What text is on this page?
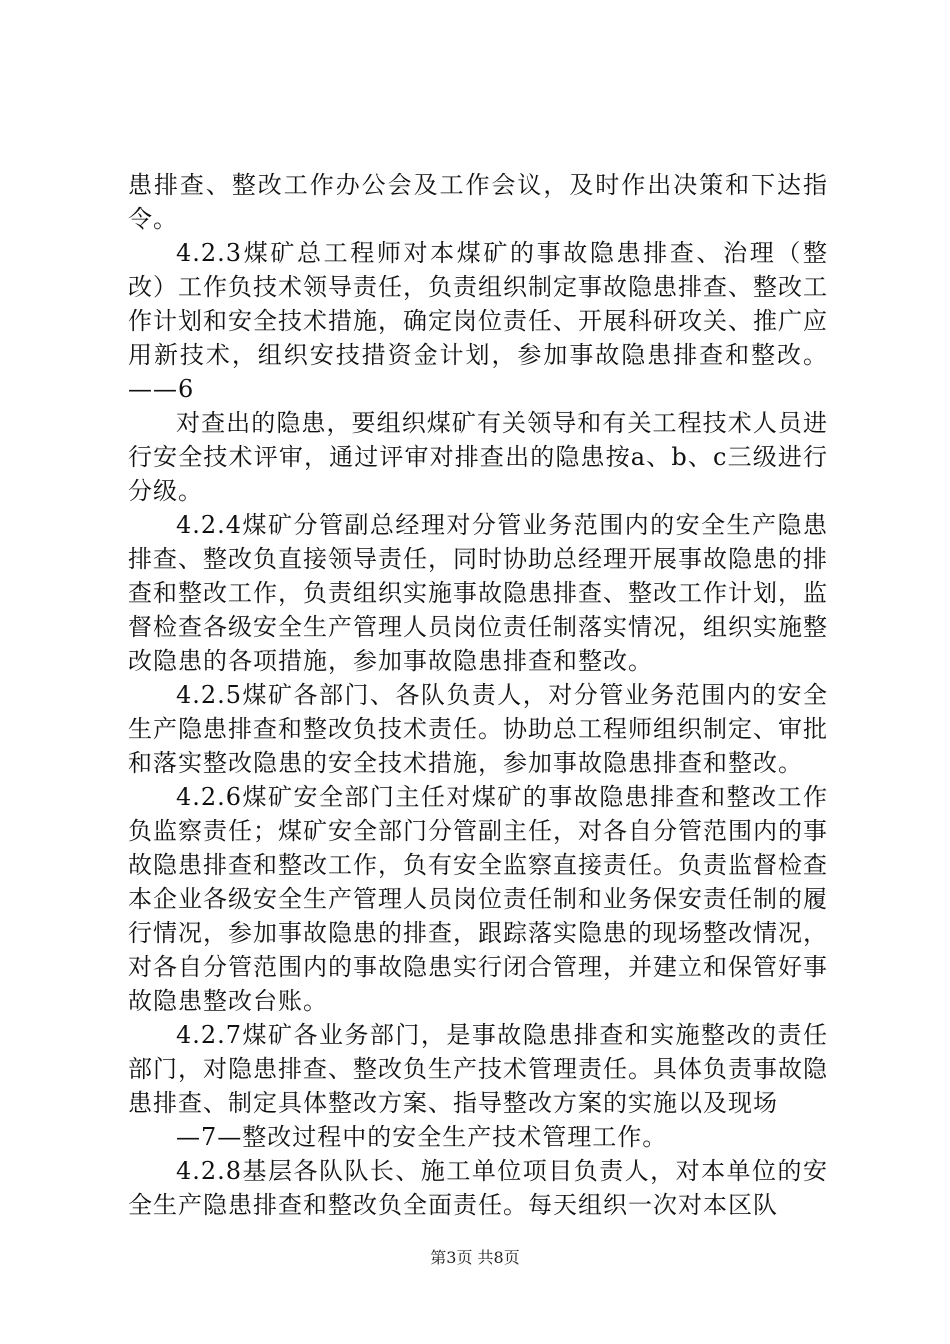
患排查、整改工作办公会及工作会议，及时作出决策和下达指令。

4.2.3煤矿总工程师对本煤矿的事故隐患排查、治理（整改）工作负技术领导责任，负责组织制定事故隐患排查、整改工作计划和安全技术措施，确定岗位责任、开展科研攻关、推广应用新技术，组织安技措资金计划，参加事故隐患排查和整改。——6

对查出的隐患，要组织煤矿有关领导和有关工程技术人员进行安全技术评审，通过评审对排查出的隐患按a、b、c三级进行分级。

4.2.4煤矿分管副总经理对分管业务范围内的安全生产隐患排查、整改负直接领导责任，同时协助总经理开展事故隐患的排查和整改工作，负责组织实施事故隐患排查、整改工作计划，监督检查各级安全生产管理人员岗位责任制落实情况，组织实施整改隐患的各项措施，参加事故隐患排查和整改。

4.2.5煤矿各部门、各队负责人，对分管业务范围内的安全生产隐患排查和整改负技术责任。协助总工程师组织制定、审批和落实整改隐患的安全技术措施，参加事故隐患排查和整改。

4.2.6煤矿安全部门主任对煤矿的事故隐患排查和整改工作负监察责任；煤矿安全部门分管副主任，对各自分管范围内的事故隐患排查和整改工作，负有安全监察直接责任。负责监督检查本企业各级安全生产管理人员岗位责任制和业务保安责任制的履行情况，参加事故隐患的排查，跟踪落实隐患的现场整改情况，对各自分管范围内的事故隐患实行闭合管理，并建立和保管好事故隐患整改台账。

4.2.7煤矿各业务部门，是事故隐患排查和实施整改的责任部门，对隐患排查、整改负生产技术管理责任。具体负责事故隐患排查、制定具体整改方案、指导整改方案的实施以及现场

—7—整改过程中的安全生产技术管理工作。

4.2.8基层各队队长、施工单位项目负责人，对本单位的安全生产隐患排查和整改负全面责任。每天组织一次对本区队

第3页 共8页
